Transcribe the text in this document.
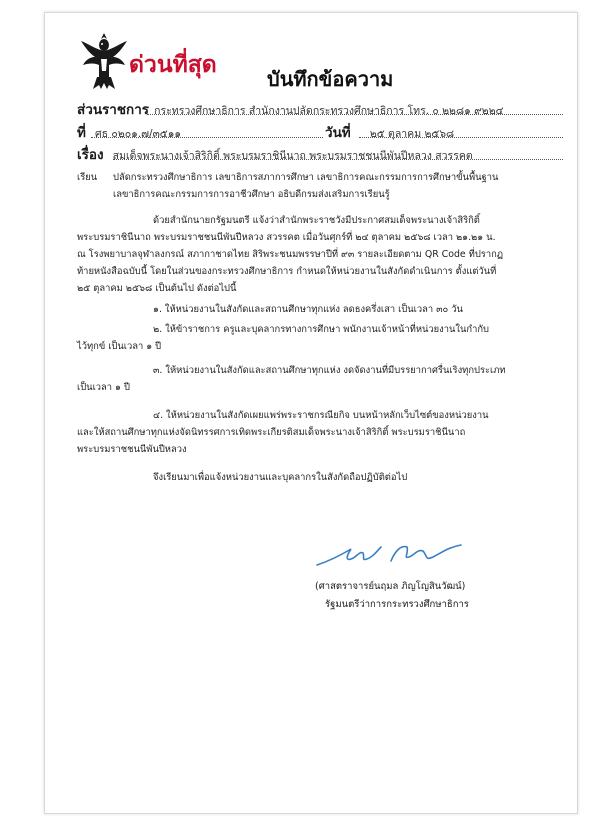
ด่วนที่สุด
บันทึกข้อความ
ส่วนราชการ กระทรวงศึกษาธิการ สำนักงานปลัดกระทรวงศึกษาธิการ โทร. ๐ ๒๒๘๑ ๙๒๒๔
ที่ ศธ ๐๒๐๑.๗/๓๕๑๑	วันที่ ๒๕ ตุลาคม ๒๕๖๘
เรื่อง สมเด็จพระนางเจ้าสิริกิติ์ พระบรมราชินีนาถ พระบรมราชชนนีพันปีหลวง สวรรคต
เรียน ปลัดกระทรวงศึกษาธิการ เลขาธิการสภาการศึกษา เลขาธิการคณะกรรมการการศึกษาขั้นพื้นฐาน
เลขาธิการคณะกรรมการการอาชีวศึกษา อธิบดีกรมส่งเสริมการเรียนรู้
ด้วยสำนักนายกรัฐมนตรี แจ้งว่าสำนักพระราชวังมีประกาศสมเด็จพระนางเจ้าสิริกิติ์
พระบรมราชินีนาถ พระบรมราชชนนีพันปีหลวง สวรรคต เมื่อวันศุกร์ที่ ๒๔ ตุลาคม ๒๕๖๘ เวลา ๒๑.๒๑ น.
ณ โรงพยาบาลจุฬาลงกรณ์ สภากาชาดไทย สิริพระชนมพรรษาปีที่ ๙๓ รายละเอียดตาม QR Code ที่ปรากฏ
ท้ายหนังสือฉบับนี้ โดยในส่วนของกระทรวงศึกษาธิการ กำหนดให้หน่วยงานในสังกัดดำเนินการ ตั้งแต่วันที่
๒๕ ตุลาคม ๒๕๖๘ เป็นต้นไป ดังต่อไปนี้
๑. ให้หน่วยงานในสังกัดและสถานศึกษาทุกแห่ง ลดธงครึ่งเสา เป็นเวลา ๓๐ วัน
๒. ให้ข้าราชการ ครูและบุคลากรทางการศึกษา พนักงานเจ้าหน้าที่หน่วยงานในกำกับ
ไว้ทุกข์ เป็นเวลา ๑ ปี
๓. ให้หน่วยงานในสังกัดและสถานศึกษาทุกแห่ง งดจัดงานที่มีบรรยากาศรื่นเริงทุกประเภท
เป็นเวลา ๑ ปี
๔. ให้หน่วยงานในสังกัดเผยแพร่พระราชกรณียกิจ บนหน้าหลักเว็บไซต์ของหน่วยงาน
และให้สถานศึกษาทุกแห่งจัดนิทรรศการเทิดพระเกียรติสมเด็จพระนางเจ้าสิริกิติ์ พระบรมราชินีนาถ
พระบรมราชชนนีพันปีหลวง
จึงเรียนมาเพื่อแจ้งหน่วยงานและบุคลากรในสังกัดถือปฏิบัติต่อไป
(ศาสตราจารย์นฤมล ภิญโญสินวัฒน์)
รัฐมนตรีว่าการกระทรวงศึกษาธิการ
